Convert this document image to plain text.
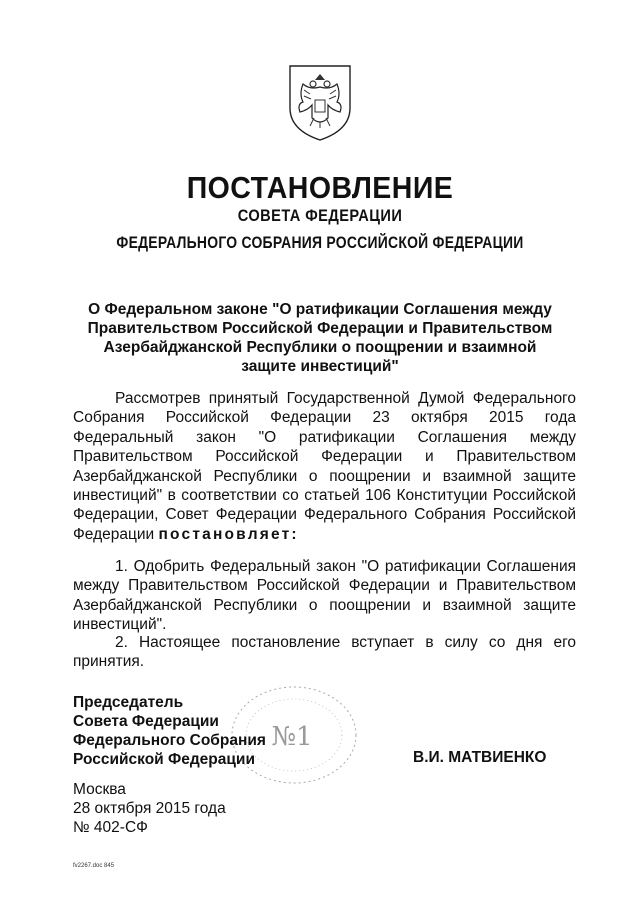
ПОСТАНОВЛЕНИЕ
СОВЕТА ФЕДЕРАЦИИ
ФЕДЕРАЛЬНОГО СОБРАНИЯ РОССИЙСКОЙ ФЕДЕРАЦИИ
О Федеральном законе "О ратификации Соглашения между
Правительством Российской Федерации и Правительством
Азербайджанской Республики о поощрении и взаимной
защите инвестиций"

Рассмотрев принятый Государственной Думой Федерального Собрания Российской Федерации 23 октября 2015 года Федеральный закон "О ратификации Соглашения между Правительством Российской Федерации и Правительством Азербайджанской Республики о поощрении и взаимной защите инвестиций" в соответствии со статьей 106 Конституции Российской Федерации, Совет Федерации Федерального Собрания Российской Федерации постановляет:

1. Одобрить Федеральный закон "О ратификации Соглашения между Правительством Российской Федерации и Правительством Азербайджанской Республики о поощрении и взаимной защите инвестиций".

2. Настоящее постановление вступает в силу со дня его принятия.

№1
Председатель
Совета Федерации
Федерального Собрания
Российской Федерации	В.И. МАТВИЕНКО
Москва
28 октября 2015 года
№ 402-СФ
fv2267.doc 845
